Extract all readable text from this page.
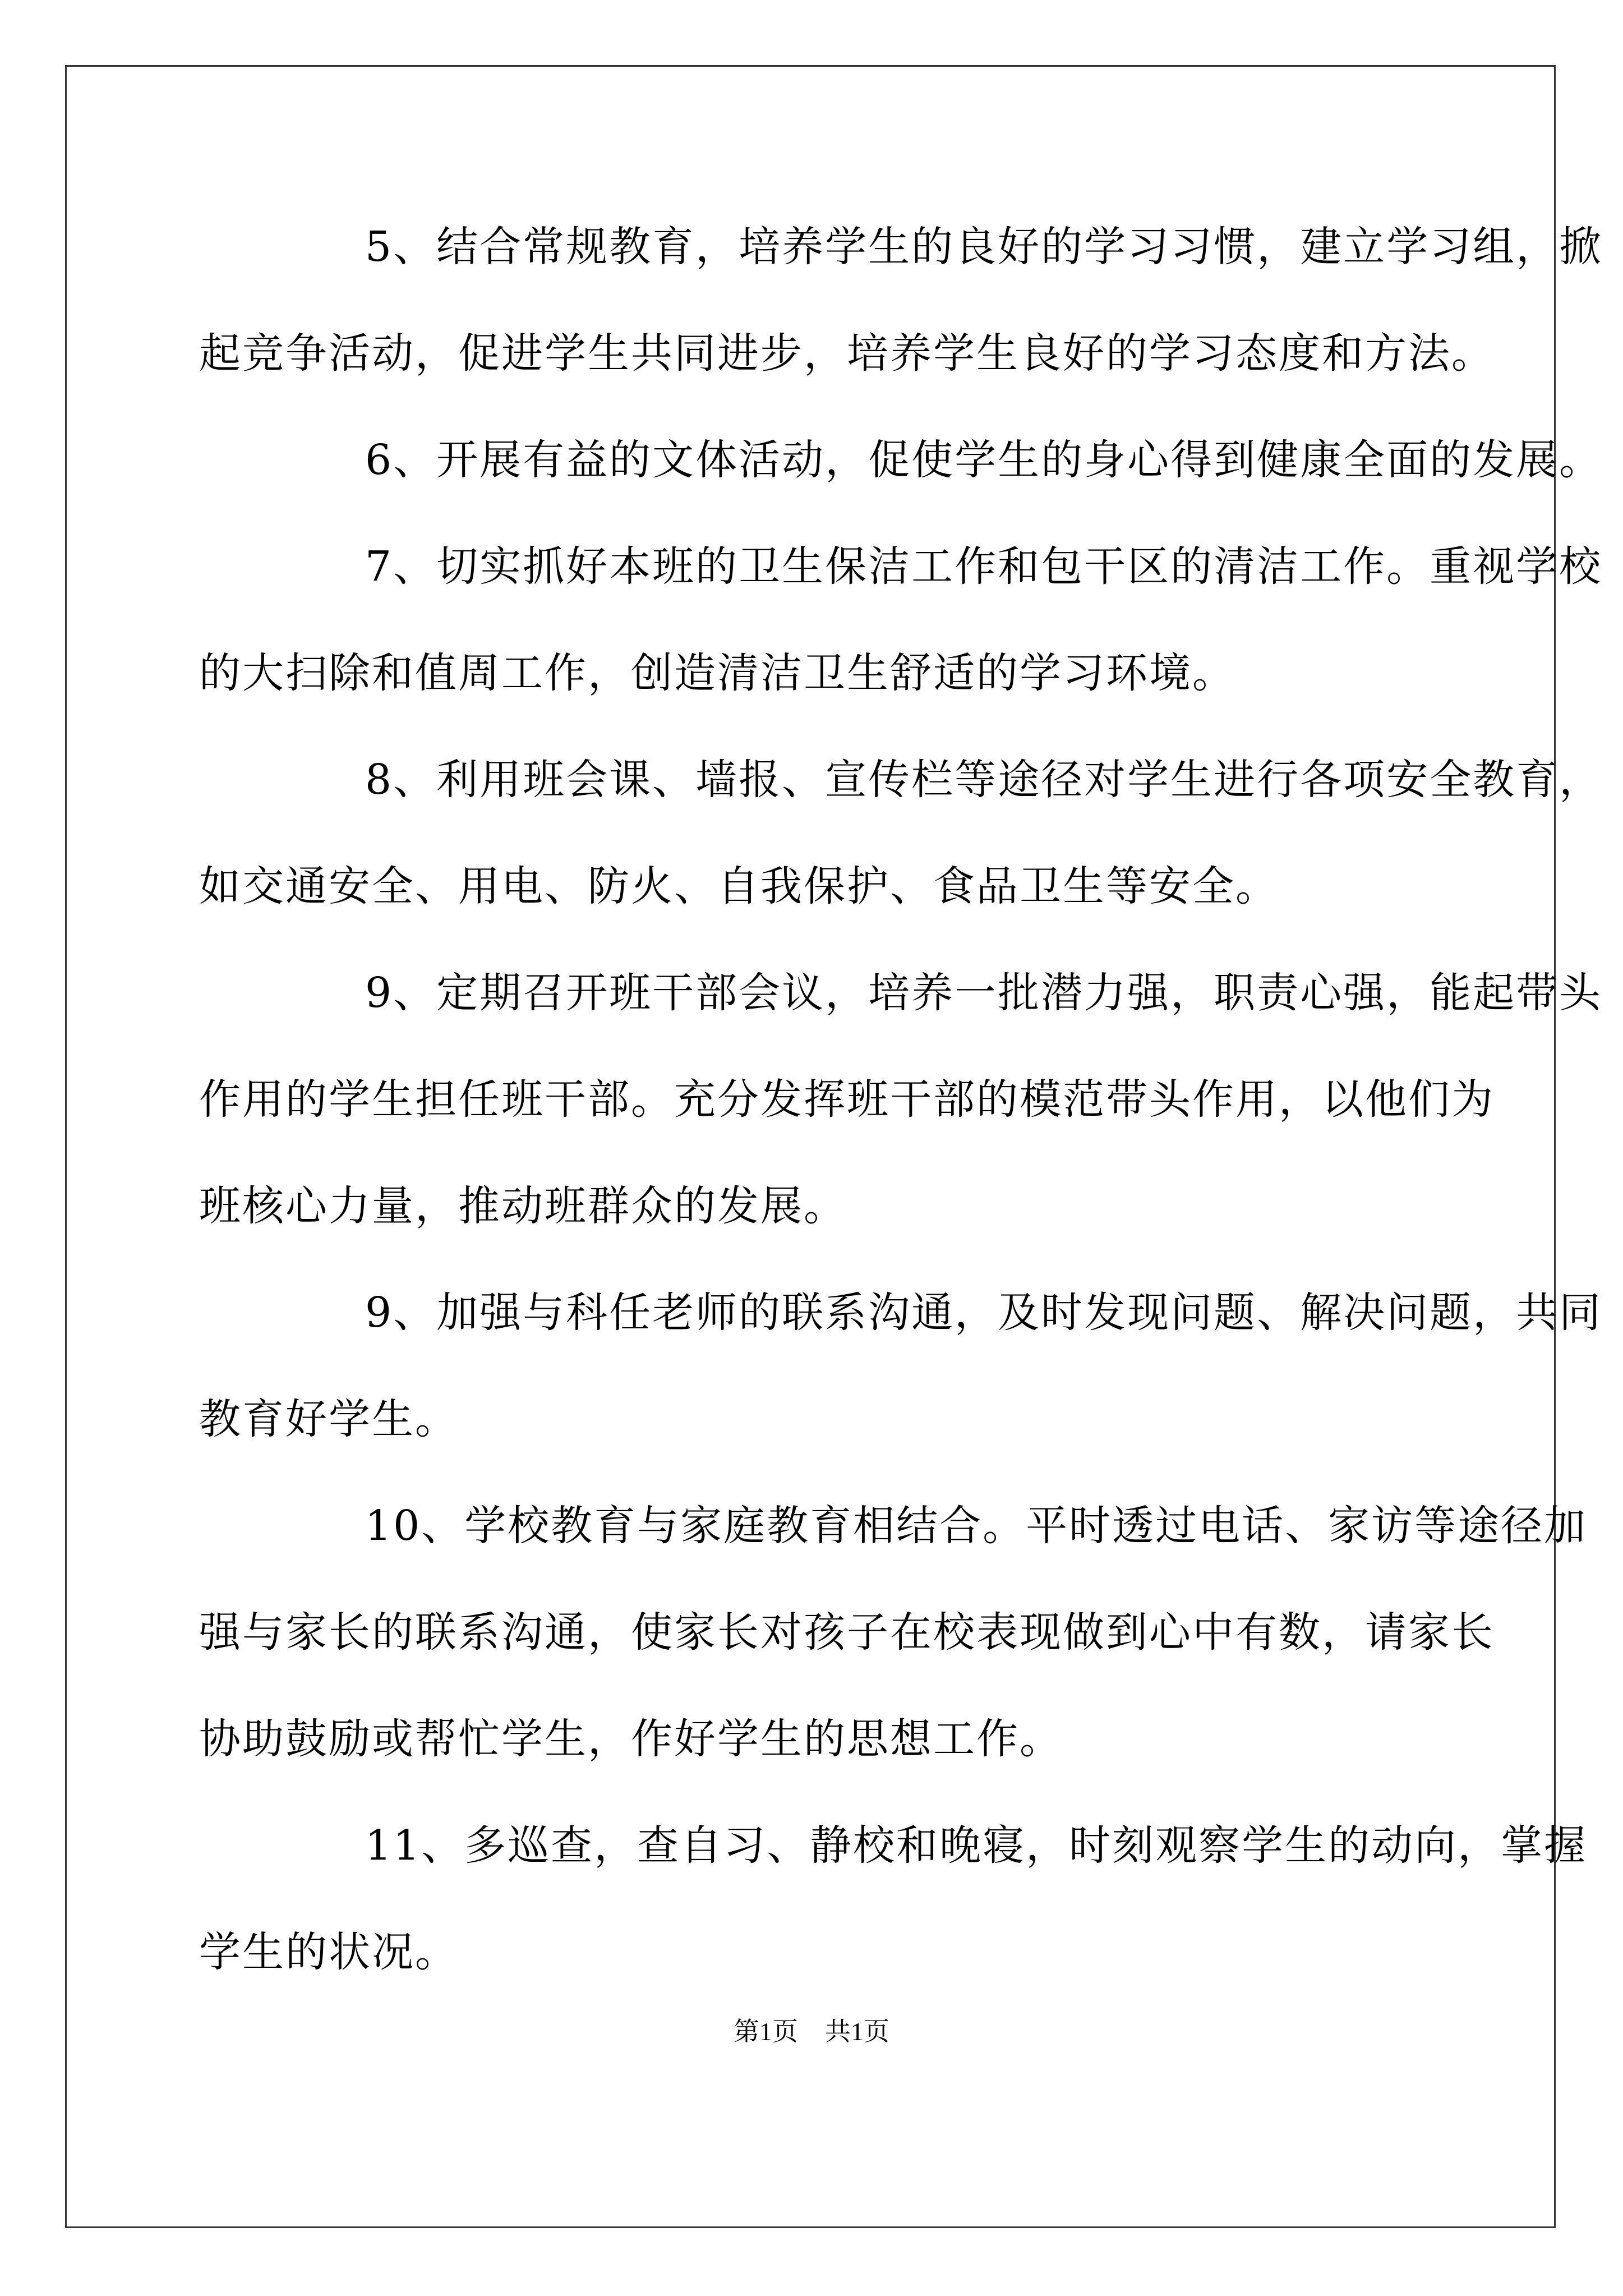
5、结合常规教育，培养学生的良好的学习习惯，建立学习组，掀
起竞争活动，促进学生共同进步，培养学生良好的学习态度和方法。
6、开展有益的文体活动，促使学生的身心得到健康全面的发展。
7、切实抓好本班的卫生保洁工作和包干区的清洁工作。重视学校
的大扫除和值周工作，创造清洁卫生舒适的学习环境。
8、利用班会课、墙报、宣传栏等途径对学生进行各项安全教育，
如交通安全、用电、防火、自我保护、食品卫生等安全。
9、定期召开班干部会议，培养一批潜力强，职责心强，能起带头
作用的学生担任班干部。充分发挥班干部的模范带头作用，以他们为
班核心力量，推动班群众的发展。
9、加强与科任老师的联系沟通，及时发现问题、解决问题，共同
教育好学生。
10、学校教育与家庭教育相结合。平时透过电话、家访等途径加
强与家长的联系沟通，使家长对孩子在校表现做到心中有数，请家长
协助鼓励或帮忙学生，作好学生的思想工作。
11、多巡查，查自习、静校和晚寝，时刻观察学生的动向，掌握
学生的状况。
第1页 共1页
